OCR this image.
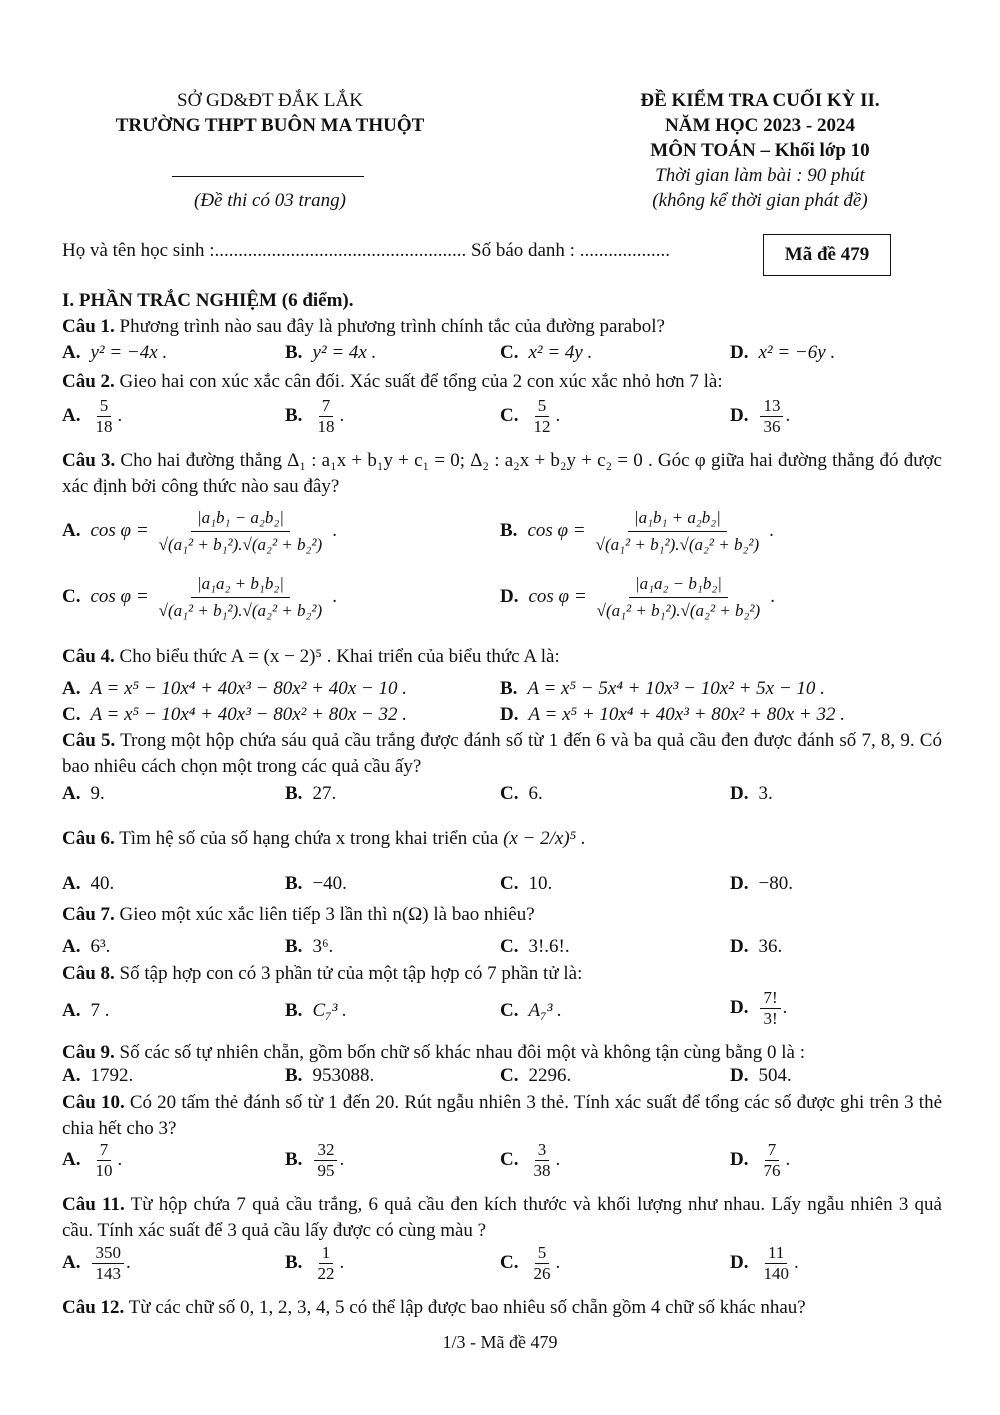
SỞ GD&ĐT ĐẮK LẮK
TRƯỜNG THPT BUÔN MA THUỘT
(Đề thi có 03 trang)
ĐỀ KIỂM TRA CUỐI KỲ II.
NĂM HỌC 2023 - 2024
MÔN TOÁN – Khối lớp 10
Thời gian làm bài : 90 phút
(không kể thời gian phát đề)
Họ và tên học sinh :..................................................... Số báo danh : ...................	Mã đề 479
I. PHẦN TRẮC NGHIỆM (6 điểm).
Câu 1. Phương trình nào sau đây là phương trình chính tắc của đường parabol?
A. y² = −4x .	B. y² = 4x .	C. x² = 4y .	D. x² = −6y .
Câu 2. Gieo hai con xúc xắc cân đối. Xác suất để tổng của 2 con xúc xắc nhỏ hơn 7 là:
A. $\frac{5}{18}$ .	B. $\frac{7}{18}$ .	C. $\frac{5}{12}$ .	D. $\frac{13}{36}$ .
Câu 3. Cho hai đường thẳng Δ₁ : a₁x + b₁y + c₁ = 0; Δ₂ : a₂x + b₂y + c₂ = 0 . Góc φ giữa hai đường thẳng đó được xác định bởi công thức nào sau đây?
A. $\cos \varphi = \frac{\text{|a₁b₁ − a₂b₂|}}{\text{√(a₁² + b₁²).√(a₂² + b₂²)}}$ .	B. $\cos \varphi = \frac{\text{|a₁b₁ + a₂b₂|}}{\text{√(a₁² + b₁²).√(a₂² + b₂²)}}$ .
C. $\cos \varphi = \frac{\text{|a₁a₂ + b₁b₂|}}{\text{√(a₁² + b₁²).√(a₂² + b₂²)}}$ .	D. $\cos \varphi = \frac{\text{|a₁a₂ − b₁b₂|}}{\text{√(a₁² + b₁²).√(a₂² + b₂²)}}$ .
Câu 4. Cho biểu thức A = (x − 2)⁵ . Khai triển của biểu thức A là:
A. A = x⁵ − 10x⁴ + 40x³ − 80x² + 40x − 10 .	B. A = x⁵ − 5x⁴ + 10x³ − 10x² + 5x − 10 .
C. A = x⁵ − 10x⁴ + 40x³ − 80x² + 80x − 32 .	D. A = x⁵ + 10x⁴ + 40x³ + 80x² + 80x + 32 .
Câu 5. Trong một hộp chứa sáu quả cầu trắng được đánh số từ 1 đến 6 và ba quả cầu đen được đánh số 7, 8, 9. Có bao nhiêu cách chọn một trong các quả cầu ấy?
A. 9.	B. 27.	C. 6.	D. 3.
Câu 6. Tìm hệ số của số hạng chứa x trong khai triển của (x − 2/x)⁵ .
A. 40.	B. −40.	C. 10.	D. −80.
Câu 7. Gieo một xúc xắc liên tiếp 3 lần thì n(Ω) là bao nhiêu?
A. 6³.	B. 3⁶.	C. 3!.6!.	D. 36.
Câu 8. Số tập hợp con có 3 phần tử của một tập hợp có 7 phần tử là:
A. 7 .	B. C₇³ .	C. A₇³ .	D. $\frac{7!}{3!}$ .
Câu 9. Số các số tự nhiên chẵn, gồm bốn chữ số khác nhau đôi một và không tận cùng bằng 0 là :
A. 1792.	B. 953088.	C. 2296.	D. 504.
Câu 10. Có 20 tấm thẻ đánh số từ 1 đến 20. Rút ngẫu nhiên 3 thẻ. Tính xác suất để tổng các số được ghi trên 3 thẻ chia hết cho 3?
A. $\frac{7}{10}$ .	B. $\frac{32}{95}$ .	C. $\frac{3}{38}$ .	D. $\frac{7}{76}$ .
Câu 11. Từ hộp chứa 7 quả cầu trắng, 6 quả cầu đen kích thước và khối lượng như nhau. Lấy ngẫu nhiên 3 quả cầu. Tính xác suất để 3 quả cầu lấy được có cùng màu ?
A. $\frac{350}{143}$ .	B. $\frac{1}{22}$ .	C. $\frac{5}{26}$ .	D. $\frac{11}{140}$ .
Câu 12. Từ các chữ số 0, 1, 2, 3, 4, 5 có thể lập được bao nhiêu số chẵn gồm 4 chữ số khác nhau?
1/3 - Mã đề 479
